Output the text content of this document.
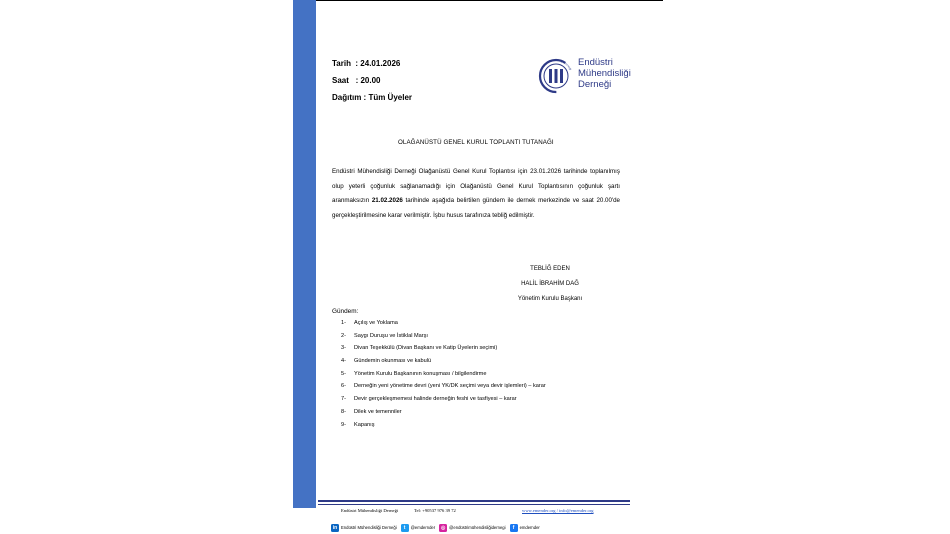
Tarih  : 24.01.2026
Saat   : 20.00
Dağıtım : Tüm Üyeler
Endüstri Mühendisliği Derneği
Endüstri
Mühendisliği
Derneği
OLAĞANÜSTÜ GENEL KURUL TOPLANTI TUTANAĞI
Endüstri Mühendisliği Derneği Olağanüstü Genel Kurul Toplantısı için 23.01.2026 tarihinde toplanılmış olup yeterli çoğunluk sağlanamadığı için Olağanüstü Genel Kurul Toplantısının çoğunluk şartı aranmaksızın 21.02.2026 tarihinde aşağıda belirtilen gündem ile dernek merkezinde ve saat 20.00'de gerçekleştirilmesine karar verilmiştir. İşbu husus tarafınıza tebliğ edilmiştir.
TEBLİĞ EDEN
HALİL İBRAHİM DAĞ
Yönetim Kurulu Başkanı
Gündem:
1-	Açılış ve Yoklama
2-	Saygı Duruşu ve İstiklal Marşı
3-	Divan Teşekkülü (Divan Başkanı ve Katip Üyelerin seçimi)
4-	Gündemin okunması ve kabulü
5-	Yönetim Kurulu Başkanının konuşması / bilgilendirme
6-	Derneğin yeni yönetime devri (yeni YK/DK seçimi veya devir işlemleri) – karar
7-	Devir gerçekleşmemesi halinde derneğin feshi ve tasfiyesi – karar
8-	Dilek ve temenniler
9-	Kapanış
Endüstri Mühendisliği Derneği	Tel: +90537 976 39 72	www.emender.org / info@emender.org
in Endüstri Mühendisliği Derneği	t	@emdernder	◎ @endüstrimühendisliğidernegi	f	emdernder
